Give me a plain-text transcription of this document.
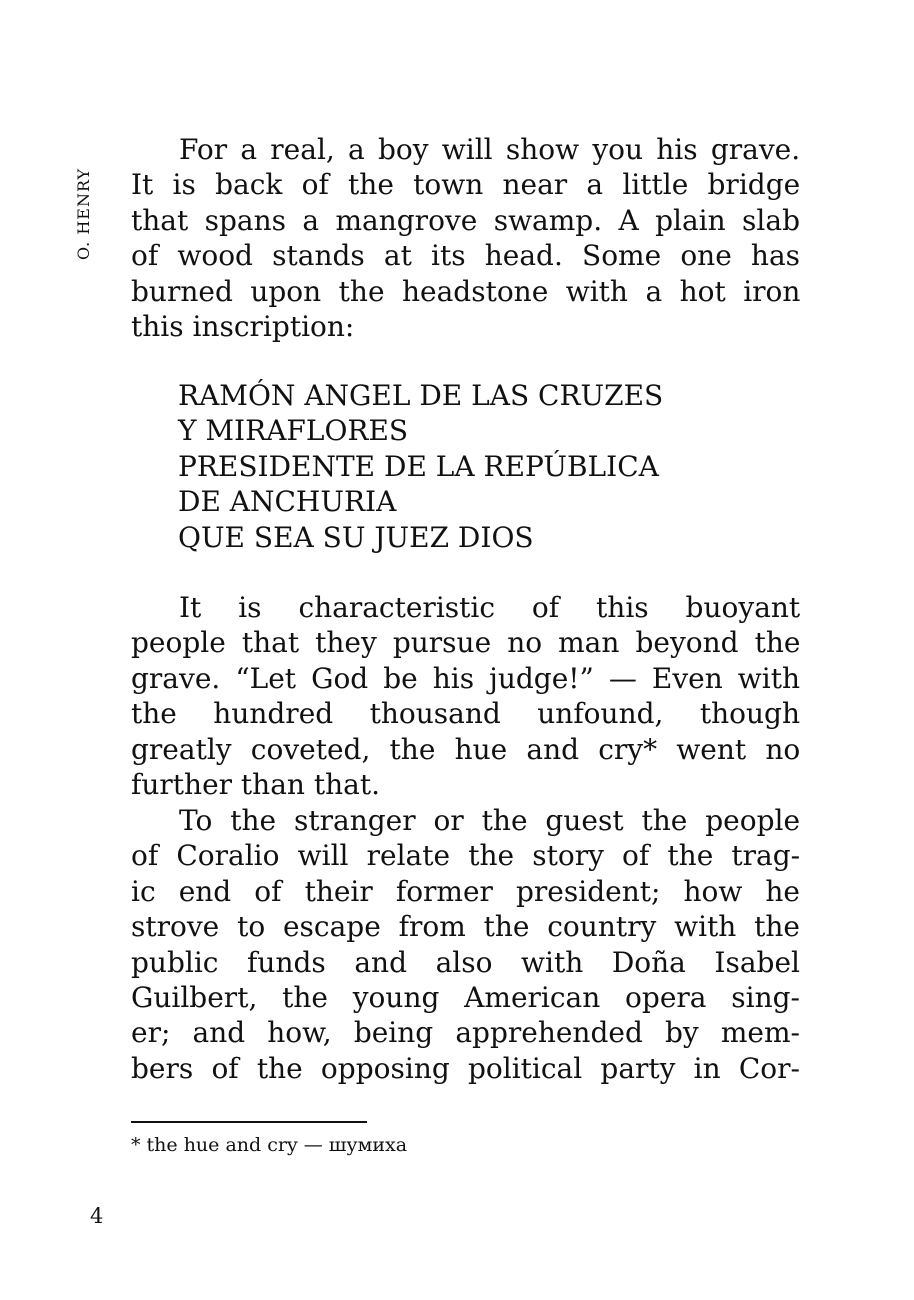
O. HENRY
For a real, a boy will show you his grave.
It is back of the town near a little bridge
that spans a mangrove swamp. A plain slab
of wood stands at its head. Some one has
burned upon the headstone with a hot iron
this inscription:
RAMÓN ANGEL DE LAS CRUZES
Y MIRAFLORES
PRESIDENTE DE LA REPÚBLICA
DE ANCHURIA
QUE SEA SU JUEZ DIOS
It is characteristic of this buoyant
people that they pursue no man beyond the
grave. “Let God be his judge!” — Even with
the hundred thousand unfound, though
greatly coveted, the hue and cry* went no
further than that.
To the stranger or the guest the people
of Coralio will relate the story of the trag-
ic end of their former president; how he
strove to escape from the country with the
public funds and also with Doña Isabel
Guilbert, the young American opera sing-
er; and how, being apprehended by mem-
bers of the opposing political party in Cor-
* the hue and cry — шумиха
4
